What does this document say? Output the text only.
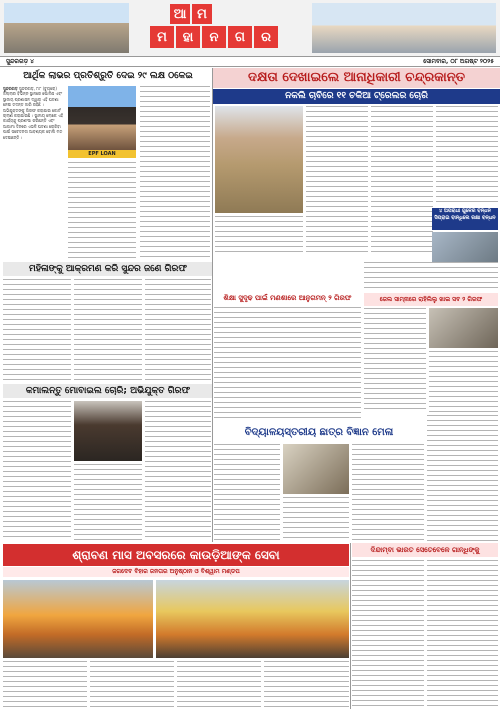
ଆ ମ
ମ	ହା	ନ	ଗ	ର
ସୁନ୍ଦରଗଡ଼ ୪	ସୋମବାର, ୦୮ ଅଗଷ୍ଟ ୨୦୨୫
ଆର୍ଥିକ ଲାଭର ପ୍ରତିଶ୍ରୁତି ଦେଇ ୨୯ ଲକ୍ଷ ଠକେଇ
ସୁନ୍ଦରଗଡ଼ ସୁନ୍ଦରଗଡ଼, ୮ା୮ (ବ୍ୟୁରୋ) ଜିଲ୍ଲାର ବିଭିନ୍ନ ସ୍ଥାନରେ ପୋଲିସ ଏବଂ ସ୍ଥାନୀୟ ପ୍ରଶାସନ ଦ୍ୱାରା ଏହି ଘଟଣା ନେଇ ତଦନ୍ତ ଜାରି ରହିଛି । ଅଭିଯୁକ୍ତଙ୍କୁ ଗିରଫ କରାଯାଇ କୋର୍ଟ ଚାଲାଣ କରାଯାଇଛି । ସ୍ଥାନୀୟ ଲୋକେ ଏହି କାର୍ଯ୍ୟକୁ ପ୍ରଶଂସା କରିଛନ୍ତି ଏବଂ ଆଗାମୀ ଦିନରେ ଏଭଳି ଘଟଣା ରୋକିବା ପାଇଁ ସଚେତନତା ଆବଶ୍ୟକ ବୋଲି ମତ ଦେଇଛନ୍ତି ।
EPF LOAN
ଦକ୍ଷତା ଦେଖାଇଲେ ଆନାଧିକାରୀ ଚନ୍ଦ୍ରକାନ୍ତ
ନକଲି ଚାବିରେ ୧୧ ଚକିଆ ଟ୍ରେଲର ଚୋରି
୪ ଅପରାଧୀ ଗୁଳେର ବନ୍ଧନ ସିପ୍ରାଇ ବାନ୍ଧିଲେ ରକ୍ଷା ବନ୍ଧନ
ମହିଳାଙ୍କୁ ଆକ୍ରମଣ କରି ସୁନ୍ଦର ଜଣେ ଗିରଫ
ଶିକ୍ଷା ସୁଦୃଢ ପାଇଁ ମଣଶାରେ ଆନୁଗମନ୍ ୨ ଗିରଫ	ଜେଲ ସାମ୍ନାରେ ରାହିଲିଲୁ ଖାଇ ସବ ୨ ଗିରଫ
କମାଲନ୍ତୁ ମୋବାଇଲ ଚୋରି; ଅଭିଯୁକ୍ତ ଗିରଫ
ବିଦ୍ୟାଳୟସ୍ତରୀୟ ଛାତ୍ର ବିଜ୍ଞାନ ମେଳା
ଦିନ୍ଦାମ୍ବା ଭାରତ ସେତେବେଳେ ଗାନ୍ଧିଙ୍କୁ
ଶ୍ରାବଣ ମାସ ଅବସରରେ କାଉଡ଼ିଆଙ୍କ ସେବା
ଜଗଦେବ ବିହାର ଜନତାର ଅନୁଷ୍ଠାନ ଓ ବିଶ୍ୱାମ ମଣ୍ଡପ
